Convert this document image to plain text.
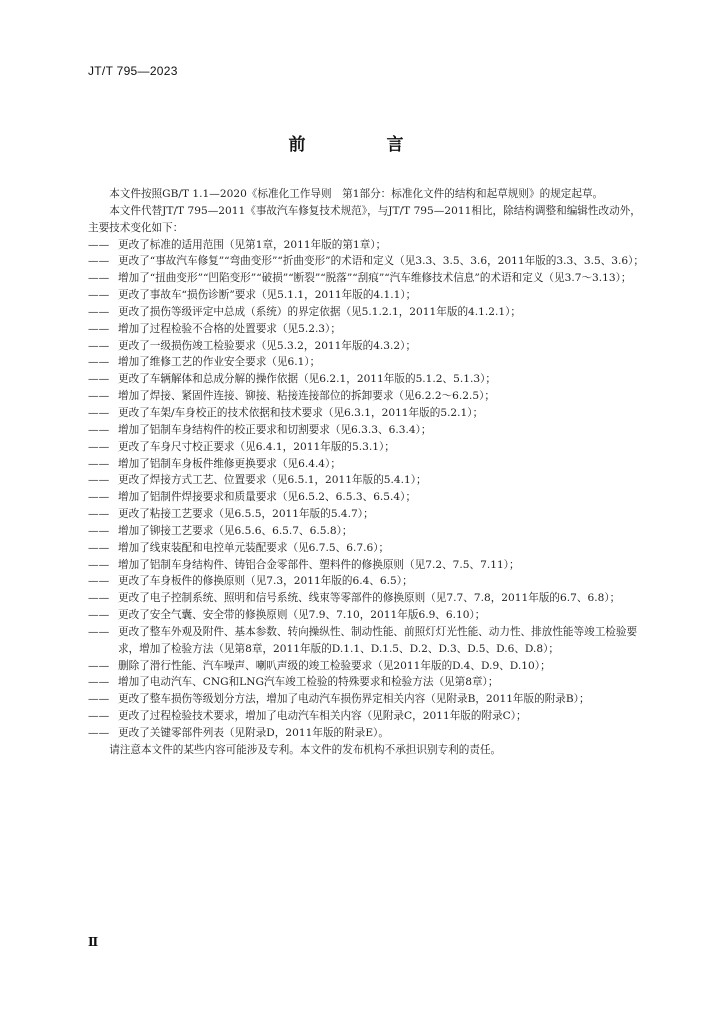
JT/T 795—2023
前　言

本文件按照GB/T 1.1—2020《标准化工作导则　第1部分：标准化文件的结构和起草规则》的规定起草。

本文件代替JT/T 795—2011《事故汽车修复技术规范》，与JT/T 795—2011相比，除结构调整和编辑性改动外，主要技术变化如下：

—— 更改了标准的适用范围（见第1章，2011年版的第1章）；

—— 更改了“事故汽车修复”“弯曲变形”“折曲变形”的术语和定义（见3.3、3.5、3.6，2011年版的3.3、3.5、3.6）；

—— 增加了“扭曲变形”“凹陷变形”“破损”“断裂”“脱落”“刮痕”“汽车维修技术信息”的术语和定义（见3.7～3.13）；

—— 更改了事故车“损伤诊断”要求（见5.1.1，2011年版的4.1.1）；

—— 更改了损伤等级评定中总成（系统）的界定依据（见5.1.2.1，2011年版的4.1.2.1）；

—— 增加了过程检验不合格的处置要求（见5.2.3）；

—— 更改了一级损伤竣工检验要求（见5.3.2，2011年版的4.3.2）；

—— 增加了维修工艺的作业安全要求（见6.1）；

—— 更改了车辆解体和总成分解的操作依据（见6.2.1，2011年版的5.1.2、5.1.3）；

—— 增加了焊接、紧固件连接、铆接、粘接连接部位的拆卸要求（见6.2.2～6.2.5）；

—— 更改了车架/车身校正的技术依据和技术要求（见6.3.1，2011年版的5.2.1）；

—— 增加了铝制车身结构件的校正要求和切割要求（见6.3.3、6.3.4）；

—— 更改了车身尺寸校正要求（见6.4.1，2011年版的5.3.1）；

—— 增加了铝制车身板件维修更换要求（见6.4.4）；

—— 更改了焊接方式工艺、位置要求（见6.5.1，2011年版的5.4.1）；

—— 增加了铝制件焊接要求和质量要求（见6.5.2、6.5.3、6.5.4）；

—— 更改了粘接工艺要求（见6.5.5，2011年版的5.4.7）；

—— 增加了铆接工艺要求（见6.5.6、6.5.7、6.5.8）；

—— 增加了线束装配和电控单元装配要求（见6.7.5、6.7.6）；

—— 增加了铝制车身结构件、铸铝合金零部件、塑料件的修换原则（见7.2、7.5、7.11）；

—— 更改了车身板件的修换原则（见7.3，2011年版的6.4、6.5）；

—— 更改了电子控制系统、照明和信号系统、线束等零部件的修换原则（见7.7、7.8，2011年版的6.7、6.8）；

—— 更改了安全气囊、安全带的修换原则（见7.9、7.10，2011年版6.9、6.10）；

—— 更改了整车外观及附件、基本参数、转向操纵性、制动性能、前照灯灯光性能、动力性、排放性能等竣工检验要求，增加了检验方法（见第8章，2011年版的D.1.1、D.1.5、D.2、D.3、D.5、D.6、D.8）；

—— 删除了滑行性能、汽车噪声、喇叭声级的竣工检验要求（见2011年版的D.4、D.9、D.10）；

—— 增加了电动汽车、CNG和LNG汽车竣工检验的特殊要求和检验方法（见第8章）；

—— 更改了整车损伤等级划分方法，增加了电动汽车损伤界定相关内容（见附录B，2011年版的附录B）；

—— 更改了过程检验技术要求，增加了电动汽车相关内容（见附录C，2011年版的附录C）；

—— 更改了关键零部件列表（见附录D，2011年版的附录E）。

请注意本文件的某些内容可能涉及专利。本文件的发布机构不承担识别专利的责任。

Ⅱ
